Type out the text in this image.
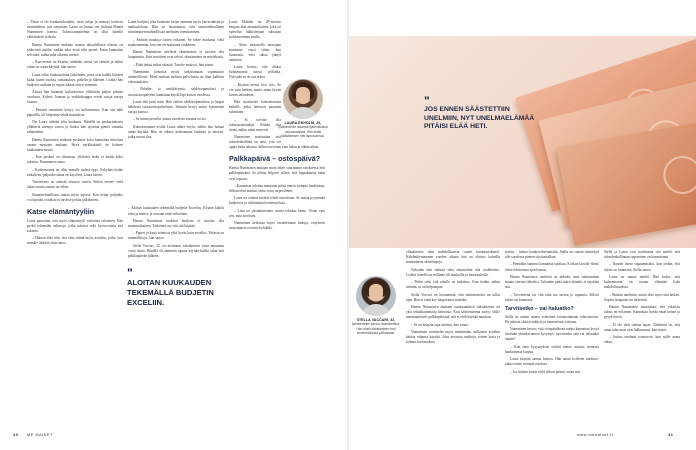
– Tämä ei ole kuukausibudjetti, vaan tuloja ja menoja koskeva suunnitelma, jota seurataan. Laura on luonut sen yhdessä Hannu Nummisen kanssa. Taloussuunnitelma on ollut hänelle välttämätön työkalu.

Hannu Nummisen mukaan monen taloudellinen tilanne on jatkuvasti tiukka, vaikka tulot eivät olisi pienet. Ensin kannattaa selvittää, mihin raha oikeasti menee.

– Kun menot on kirjattu, nähdään, mistä voi säästää ja mihin rahaa on varaa käyttää, hän sanoo.

Laura tekee kuukausittain laskelman, jossa ovat kaikki kiinteät kulut, kuten vuokra, vakuutukset, puhelin ja liikenne. Lisäksi hän budjetoi ruokaan ja vapaa-aikaan tietyn summan.

Alussa hän huomasi kuluttavansa yllättävän paljon pieniin ostoksiin. Kahvit, lounaat ja verkkokauppa veivät satoja euroja kuussa.

– Pienistä summista kertyy iso kokonaisuus. Kun sen näki paperilla, oli helpompi tehdä muutoksia.

Nyt Laura säästää joka kuukausi. Hänellä on puskurirahasto yllättäviä menoja varten ja lisäksi hän sijoittaa pieniä summia rahastoihin.

Hannu Nummisen mukaan puskurin koko kannattaa mitoittaa omien menojen mukaan. Hyvä nyrkkisääntö on kolmen kuukauden menot.

– Kun puskuri on olemassa, yllättävä lasku ei kaada koko taloutta, Numminen sanoo.

– Kuluseuranta on ollut minulle tärkeä oppi. Nykyään tiedän tarkalleen, paljonko rahaa on käytössä, Laura kertoo.

Tavoitteena on säästää asuntoa varten. Siihen menee vielä aikaa, mutta suunta on oikea.

Suunnitelmallisuus auttaa myös arjessa. Kun tietää, paljonko voi käyttää, ostoksia ei tarvitse pohtia jälkikäteen.

Katse elämäntyyliin

Laura painottaa, että myös elämäntyyli vaikuttaa talouteen. Hän pyrkii tekemään valintoja, jotka tukevat sekä hyvinvointia että taloutta.

– Haluan elää niin, että raha riittää myös asioihin, jotka ovat minulle tärkeitä, hän sanoo.

Laura budjetoi joka kuukausi tietyn summan myös harrastuksiin ja matkusteluun. Hän on huomannut, että suunnitelmallinen säästäminen mahdollistaa unelmien toteuttamisen.

– Säästän matkoja varten erikseen. Se tekee matkasta vielä mukavamman, kun sen on maksanut etukäteen.

Hannu Nummisen mielestä säästämisen ei tarvitse olla luopumista. Kun tavoitteet ovat selvät, säästäminen on mielekästä.

– Pitää tietää, miksi säästää. Tavoite motivoi, hän sanoo.

Numminen kehottaa myös tarkistamaan sopimukset säännöllisesti. Moni maksaa turhista palveluista tai liian kalliista vakuutuksista.

– Puhelin- ja nettiliittymät, sähkösopimukset ja suoratoistopalvelut kannattaa käydä läpi kerran vuodessa.

Laura teki juuri näin. Hän vaihtoi sähkösopimuksen ja luopui kahdesta suoratoistopalvelusta. Säästöä kertyi useita kymmeniä euroja kuussa.

– Se tuntui pieneltä, mutta vuodessa summa on iso.

Kuluseurannan avulla Laura näkee myös, mihin hän haluaa rahaa käyttää. Hän on valmis maksamaan laadusta ja asioista, jotka tuovat iloa.

– Aloitan kuukauden tekemällä budjetin Exceliin. Kirjaan kaikki tulot ja menot, ja seuraan niitä viikoittain.

Hannu Nummisen mukaan budjetin ei tarvitse olla monimutkainen. Tärkeintä on, että sitä käyttää.

– Paperi ja kynä toimivat yhtä hyvin kuin sovellus. Pääasia on säännöllisyys, hän sanoo.

Stella Vaccari, 32, on aloittanut säästämisen vasta muutama vuosi sitten. Hänellä oli aiemmin tapana käyttää kaikki rahat heti palkkapäivän jälkeen.

"
ALOITAN KUUKAUDEN TEKEMÄLLÄ BUDJETIN EXCELIIN.

Laura Ekholm on 29-vuotias kaupan alan ammattilainen, joka on opetellut hallitsemaan rahojaan kuluseurannan avulla.

– Aloin tarkastella menojani muutama vuosi sitten, kun huomasin, ettei rahaa jäänyt säästöön.

Laura kertoo, että aluksi kuluseuranta tuntui työläältä. Nykyään se on osa arkea.

– Kirjaan menot heti ylös. Se vie vain hetken, mutta antaa hyvän kuvan taloudesta.

Hän suosittelee kuluseurantaa kaikille, jotka haluavat parantaa talouttaan.

– Ei tarvitse olla talousasiantuntija. Riittää, että tietää, mihin rahat menevät.

Numminen muistuttaa, että taloudenhallinta on taito, jota voi oppia kuka tahansa. Siihen tarvitaan vain halua ja vähän aikaa.

Palkkapäivä – ostospäivä?

Hannu Nummisen mukaan moni tekee suurimmat ostoksensa heti palkkapäivänä. Se johtaa helposti siihen, että loppukuusta rahat ovat lopussa.

– Kannattaa odottaa muutama päivä ennen isompia hankintoja. Silloin ehtii miettiä, onko ostos tarpeellinen.

Laura on ottanut tavaksi tehdä ostoslistan. Se auttaa pysymään budjetissa ja välttämään heräteostoksia.

– Lista on yksinkertainen, mutta tehokas keino. Ostan vain sen, mitä tarvitsen.

Numminen kehottaa myös vertailemaan hintoja, erityisesti suurempien ostosten kohdalla.

LAURA EKHOLM, 29,
työskentelee asiantuntijatehtävissä vakuutusalalla. Hän aloitti säästämisen heti lapsuudessa.
40 ME NAISET
"
JOS ENNEN SÄÄSTETTIIN UNELMIIN, NYT UNELMAELÄMÄÄ PITÄISI ELÄÄ HETI.
STELLA VACCARI, 32,
työskentelee johdon assistenttina. Hän aloitti säästämisen heti ensimmäisestä palkastaan.

ylimääräiset tulot mahdollistavat suuret kuukausisäästöt. Kahdenkymmenen vuoden aikana hän on ehtinyt kokeilla monenlaisia säästötapoja.

Nykyään hän säästää sekä rahastoihin että osakkeisiin. Lisäksi hänellä on erillinen tili matkoille ja harrastuksille.

– Pidän siitä, että rahalla on tarkoitus. Kun tiedän, mihin säästän, se on helpompaa.

Stella Vaccari on huomannut, että säästämisestä on tullut tapa. Hän ei enää koe luopuvansa mistään.

Hannu Nummisen mukaan automaattinen säästäminen on yksi tehokkaimmista keinoista. Kun säästösumma siirtyy tilille automaattisesti palkkapäivänä, sitä ei ehdi käyttää muuhun.

– Se on helpoin tapa aloittaa, hän sanoo.

Numminen suosittelee myös miettimään, millaisiin asioihin haluaa rahansa käyttää. Joku arvostaa matkoja, toinen kotia ja kolmas harrastuksia.

joskus – tuntua konkreettisemmalta. Stella on saanut säästettyä alle vuodessa pienen sijoitussalkun.

– Pieniäkin summia kannattaa sijoittaa. Korkoa korolle -ilmiö tekee tehtävänsä ajan kanssa.

Hannu Nummisen mielestä on tärkeää, ettei säästäminen muutu stressin aiheeksi. Talouden pitää tukea elämää, ei rajoittaa sitä.

– Tavoitteena on, että raha tuo turvaa ja vapautta. Silloin talous on kunnossa.

Tarvitsetko – vai haluatko?

Stella on saanut monet ystävänsä kiinnostumaan raha-asioista. He jakavat säästövinkkejä ja kannustavat toisiaan.

Numminen kertoo, että ostopäätöksen tueksi kannattaa kysyä itseltään yksinkertainen kysymys: tarvitsenko tätä vai haluanko tämän?

– Kun tuon kysymyksen esittää ennen ostosta, monesta hankinnasta luopuu.

Laura käyttää samaa keinoa. Hän antaa itselleen harkinta-aikaa ennen isompia ostoksia.

– Jos haluan jotain vielä viikon päästä, ostan sen.

Stella ja Laura ovat molemmat sitä mieltä, että taloudenhallinnan oppiminen on kannattanut.

– Tunnen itseni vapaammaksi, kun tiedän, että talous on kunnossa, Stella sanoo.

Laura on samaa mieltä. Hän kokee, että kuluseuranta on tuonut elämään lisää mahdollisuuksia.

– Säästän unelmiin, mutta elän myös tätä hetkeä. Sopiva tasapaino on tärkeintä.

Hannu Numminen muistuttaa, että jokaisen talous on erilainen. Kannattaa löytää omat keinot ja pysyä niissä.

– Ei ole yhtä oikeaa tapaa. Tärkeintä on, että omat raha-asiat ovat hallinnassa, hän sanoo.

– Joskus unelmat toteutuvat, kun niille antaa aikaa.

www.menaiset.fi	41
